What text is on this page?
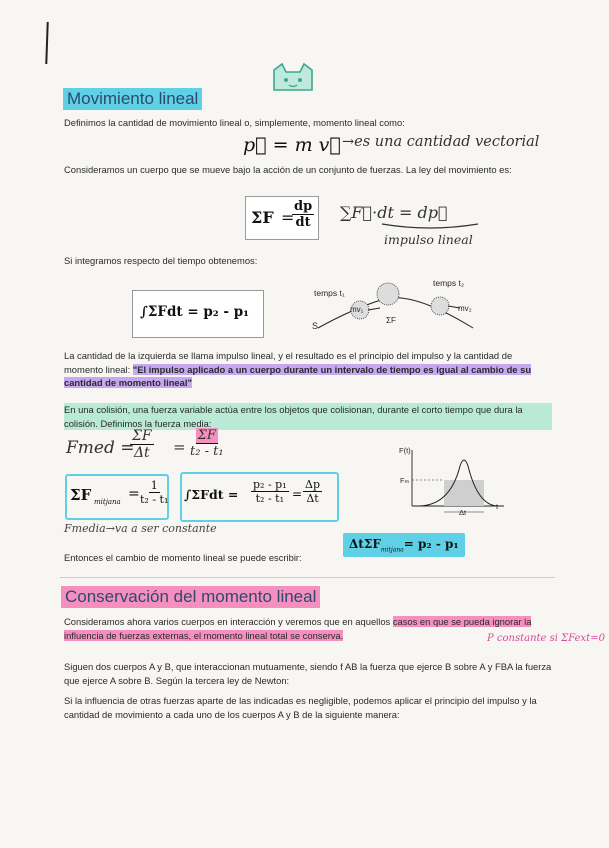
Movimiento lineal
Definimos la cantidad de movimiento lineal o, simplemente, momento lineal como:
p⃗ = m v⃗ →es una cantidad vectorial
Consideramos un cuerpo que se mueve bajo la acción de un conjunto de fuerzas. La ley del movimiento es:
ΣF =
$\frac{dp}{dt}$ ∑F⃗·dt = dp⃗
impulso lineal
Si integramos respecto del tiempo obtenemos:
∫ΣFdt = p₂ - p₁
temps t₁
temps t₂
mv₁	mv₂
ΣF
S
La cantidad de la izquierda se llama impulso lineal, y el resultado es el principio del impulso y la cantidad de momento lineal: "El impulso aplicado a un cuerpo durante un intervalo de tiempo es igual al cambio de su cantidad de momento lineal"
En una colisión, una fuerza variable actúa entre los objetos que colisionan, durante el corto tiempo que dura la colisión. Definimos la fuerza media:
Fmed =
$\frac{\Sigma F}{\Delta t} = \frac{\Sigma F}{\text{t₂ - t₁}}$
ΣF mitjana =
$\frac{1}{\text{t₂ - t₁}} \int\Sigma Fdt = \frac{\text{p₂ - p₁}}{\text{t₂ - t₁}} = \frac{\Delta p}{\Delta t}$
Fmedia→va a ser constante
F(t)
Fₘ
t
Δt
Entonces el cambio de momento lineal se puede escribir:
ΔtΣF$_{mitjana}$= p₂ - p₁
Conservación del momento lineal
Consideramos ahora varios cuerpos en interacción y veremos que en aquellos casos en que se pueda ignorar la influencia de fuerzas externas, el momento lineal total se conserva.	P constante si ΣFext=0
Siguen dos cuerpos A y B, que interaccionan mutuamente, siendo f AB la fuerza que ejerce B sobre A y FBA la fuerza que ejerce A sobre B. Según la tercera ley de Newton:
Si la influencia de otras fuerzas aparte de las indicadas es negligible, podemos aplicar el principio del impulso y la cantidad de movimiento a cada uno de los cuerpos A y B de la siguiente manera:
